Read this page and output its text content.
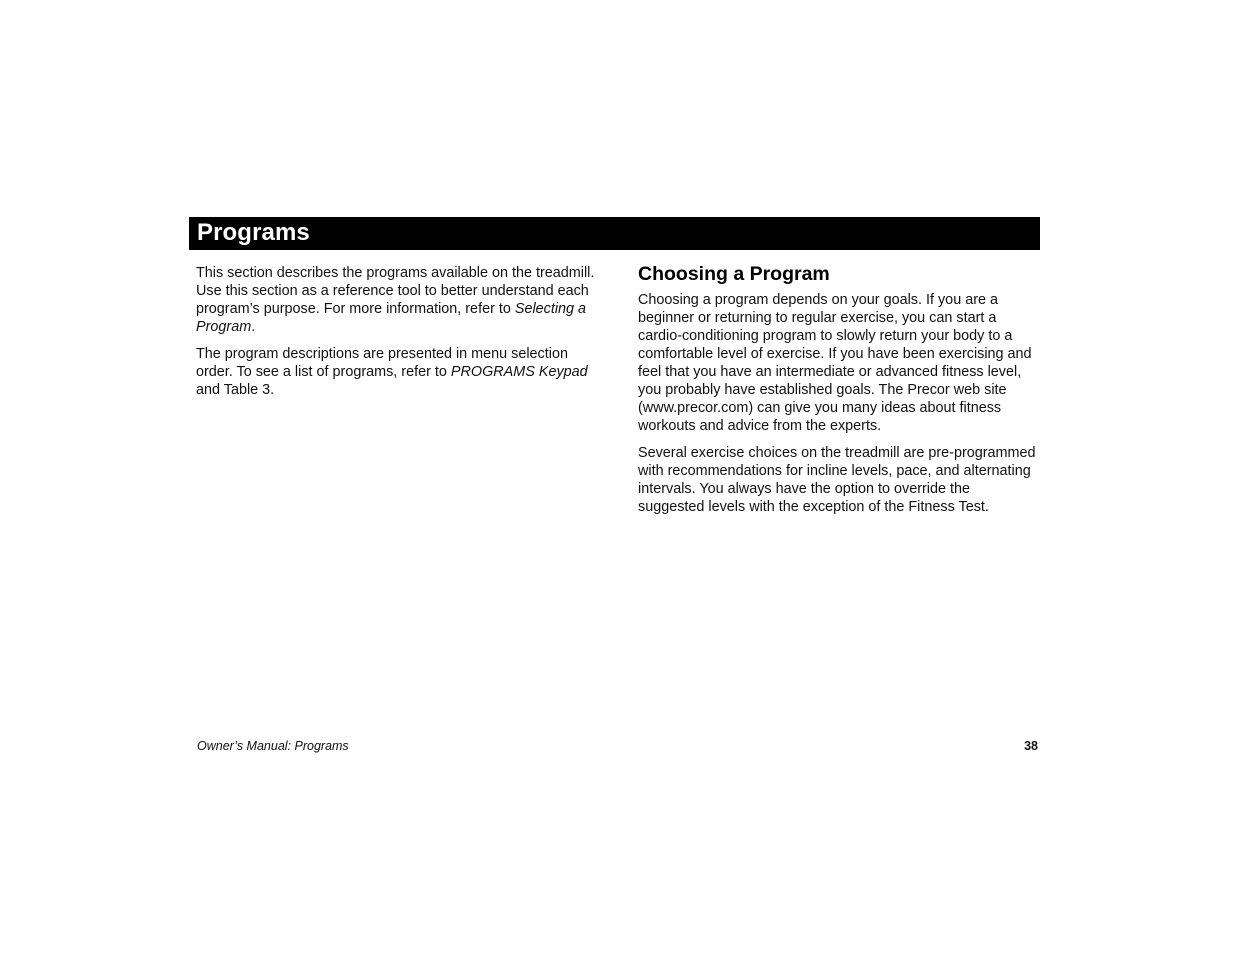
Programs

This section describes the programs available on the treadmill. Use this section as a reference tool to better understand each program’s purpose. For more information, refer to Selecting a Program.

The program descriptions are presented in menu selection order. To see a list of programs, refer to PROGRAMS Keypad and Table 3.

Choosing a Program

Choosing a program depends on your goals. If you are a beginner or returning to regular exercise, you can start a cardio-conditioning program to slowly return your body to a comfortable level of exercise. If you have been exercising and feel that you have an intermediate or advanced fitness level, you probably have established goals. The Precor web site (www.precor.com) can give you many ideas about fitness workouts and advice from the experts.

Several exercise choices on the treadmill are pre-programmed with recommendations for incline levels, pace, and alternating intervals. You always have the option to override the suggested levels with the exception of the Fitness Test.

Owner’s Manual: Programs	38
